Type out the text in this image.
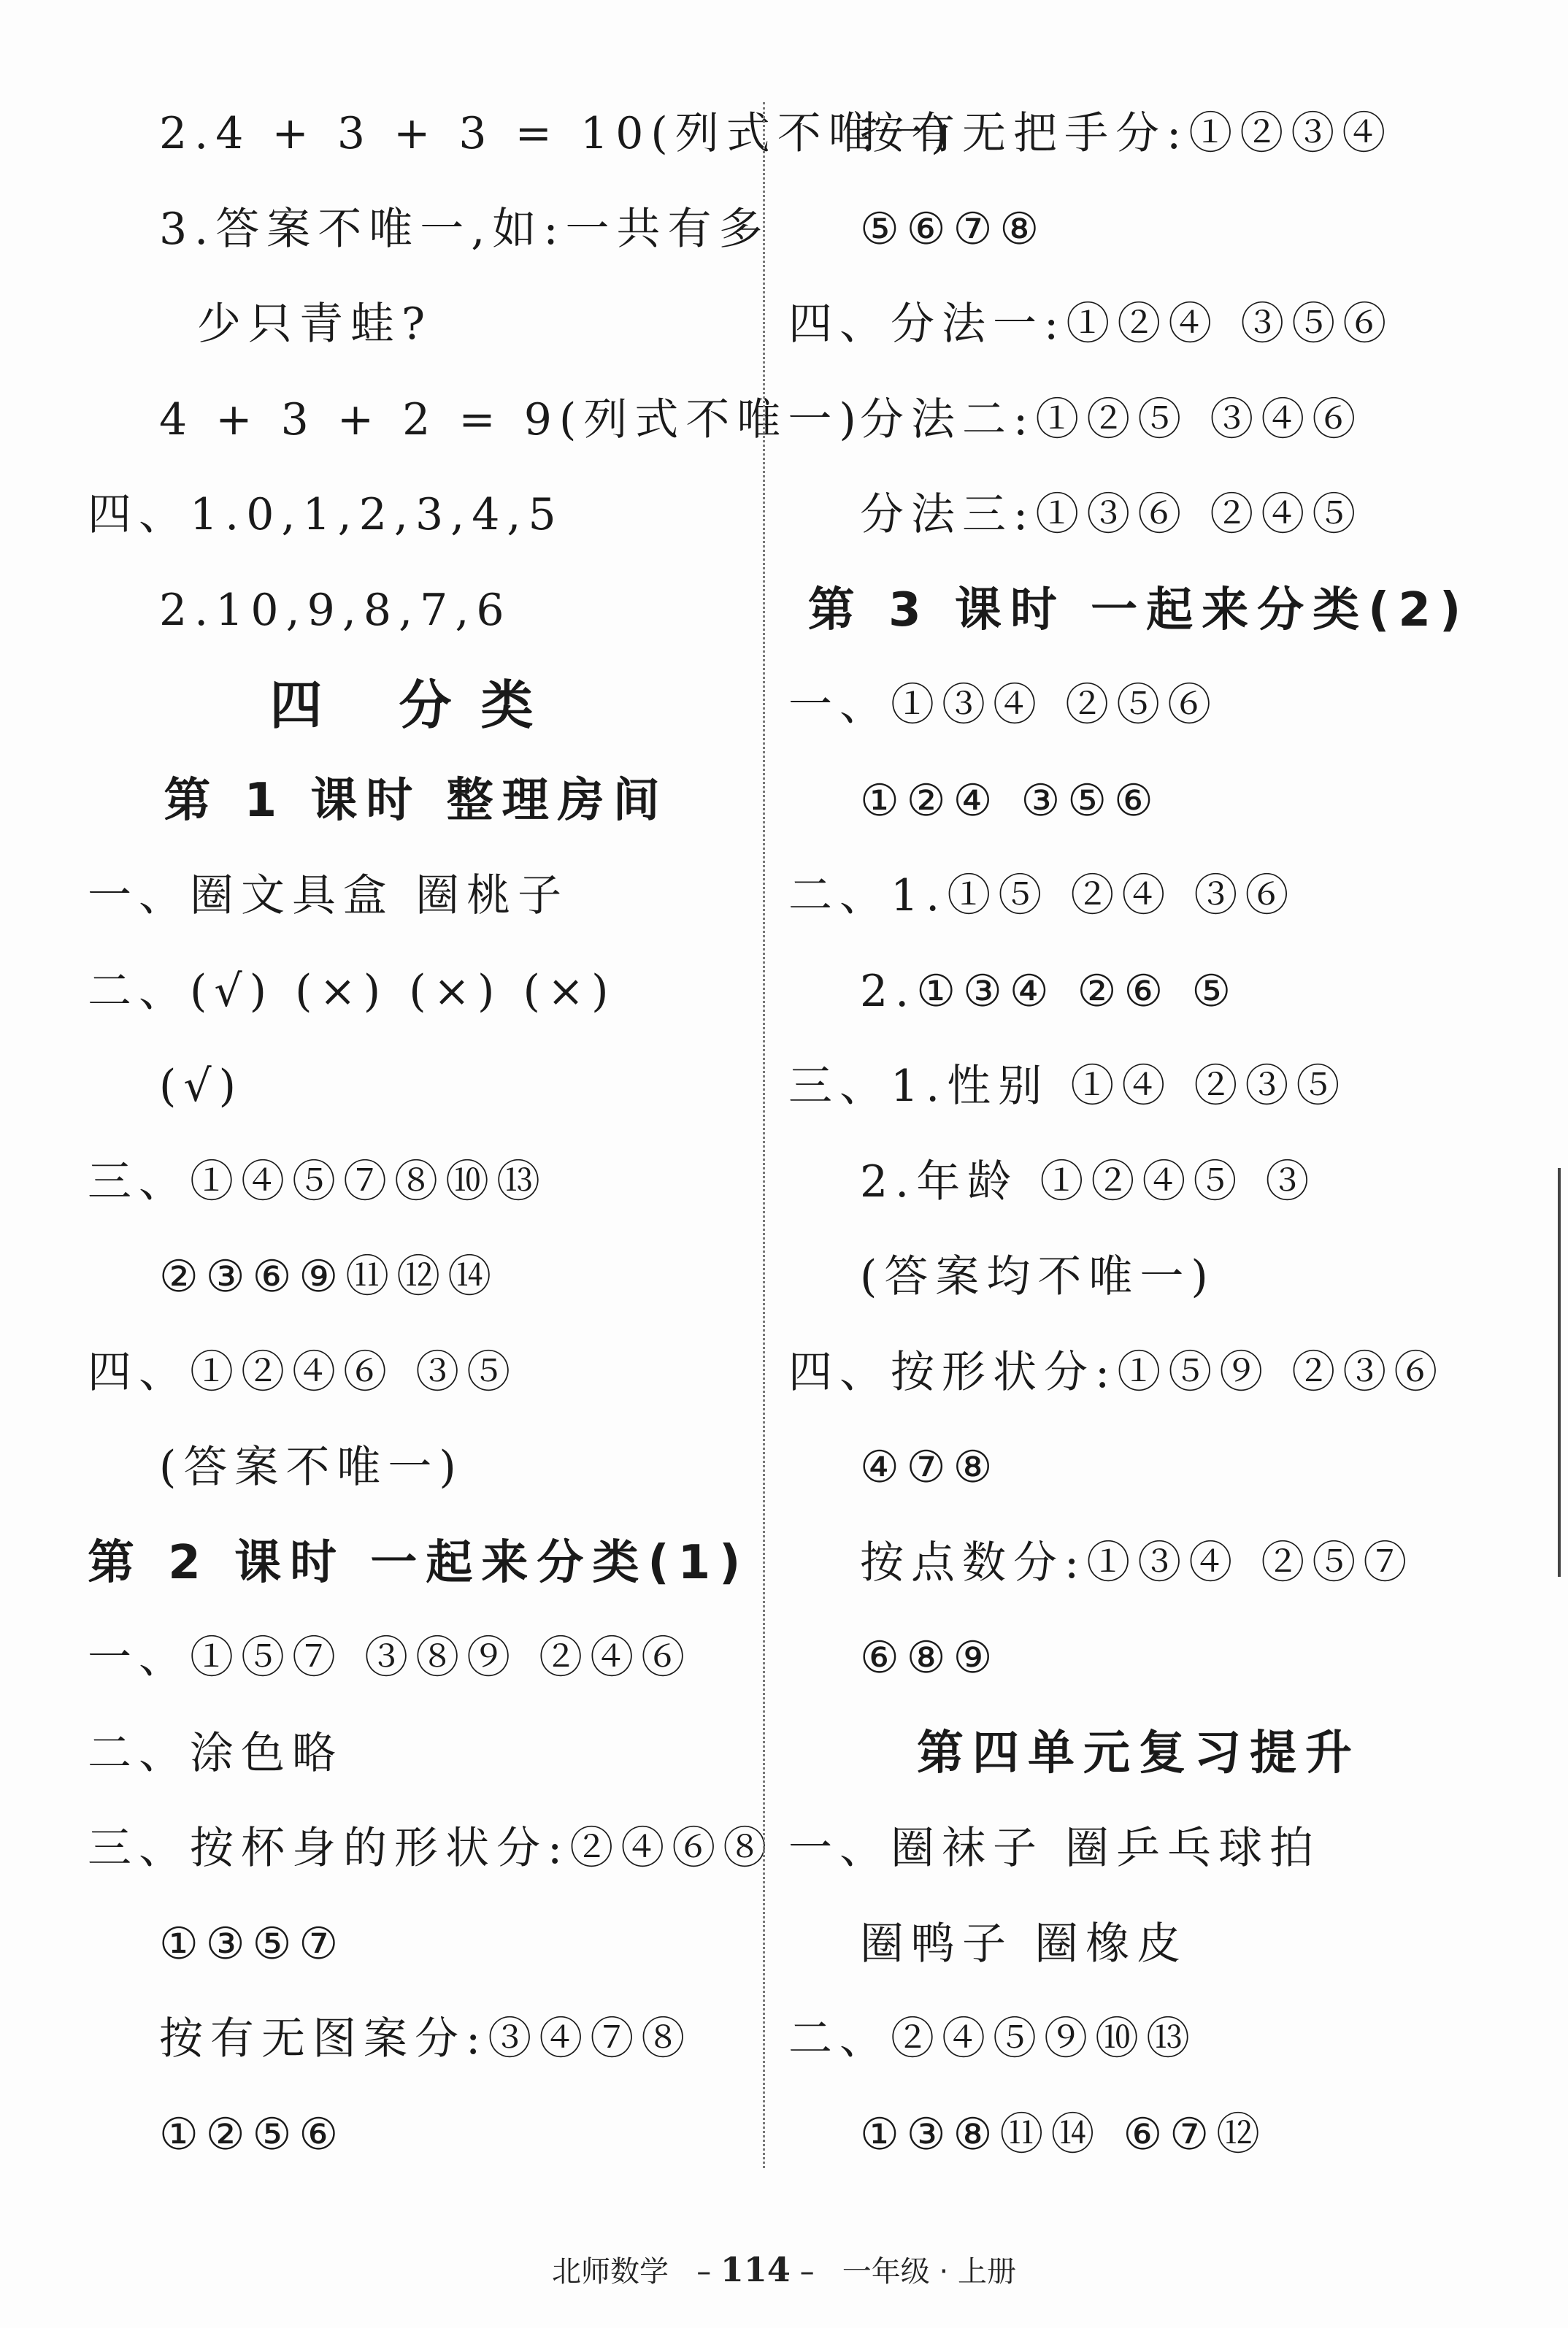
2.4 + 3 + 3 = 10(列式不唯一)
3.答案不唯一,如:一共有多
少只青蛙?
4 + 3 + 2 = 9(列式不唯一)
四、1.0,1,2,3,4,5
2.10,9,8,7,6
四 分类
第 1 课时 整理房间
一、圈文具盒 圈桃子
二、(√) (×) (×) (×)
(√)
三、①④⑤⑦⑧⑩⑬
②③⑥⑨⑪⑫⑭
四、①②④⑥ ③⑤
(答案不唯一)
第 2 课时 一起来分类(1)
一、①⑤⑦ ③⑧⑨ ②④⑥
二、涂色略
三、按杯身的形状分:②④⑥⑧
①③⑤⑦
按有无图案分:③④⑦⑧
①②⑤⑥
按有无把手分:①②③④
⑤⑥⑦⑧
四、分法一:①②④ ③⑤⑥
分法二:①②⑤ ③④⑥
分法三:①③⑥ ②④⑤
第 3 课时 一起来分类(2)
一、①③④ ②⑤⑥
①②④ ③⑤⑥
二、1.①⑤ ②④ ③⑥
2.①③④ ②⑥ ⑤
三、1.性别 ①④ ②③⑤
2.年龄 ①②④⑤ ③
(答案均不唯一)
四、按形状分:①⑤⑨ ②③⑥
④⑦⑧
按点数分:①③④ ②⑤⑦
⑥⑧⑨
第四单元复习提升
一、圈袜子 圈乒乓球拍
圈鸭子 圈橡皮
二、②④⑤⑨⑩⑬
①③⑧⑪⑭ ⑥⑦⑫
北师数学   – 114 –   一年级 · 上册
